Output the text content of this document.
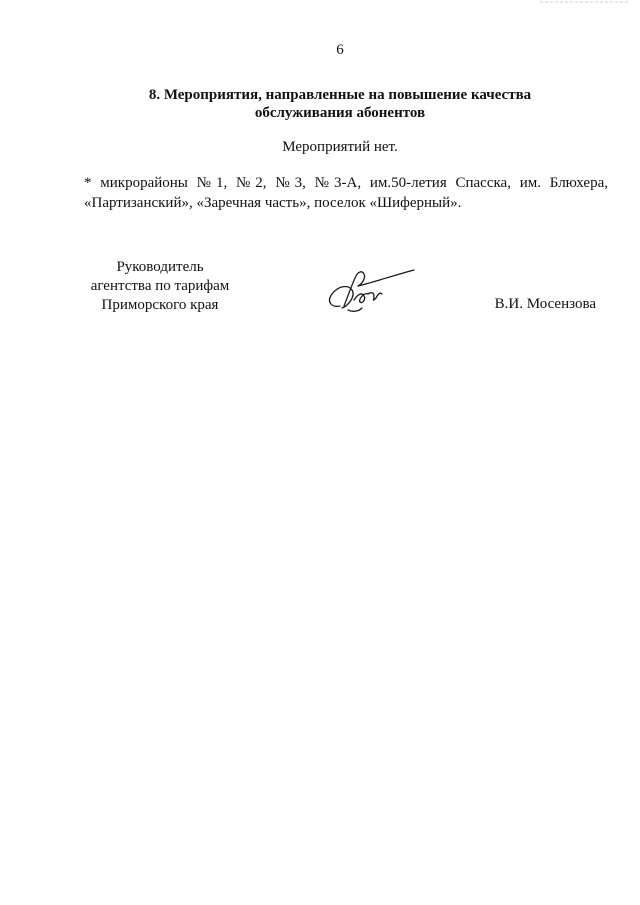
6
8. Мероприятия, направленные на повышение качества
обслуживания абонентов
Мероприятий нет.
* микрорайоны №1, №2, №3, №3-А, им.50-летия Спасска, им. Блюхера,
«Партизанский», «Заречная часть», поселок «Шиферный».
Руководитель
агентства по тарифам
Приморского края	В.И. Мосензова
